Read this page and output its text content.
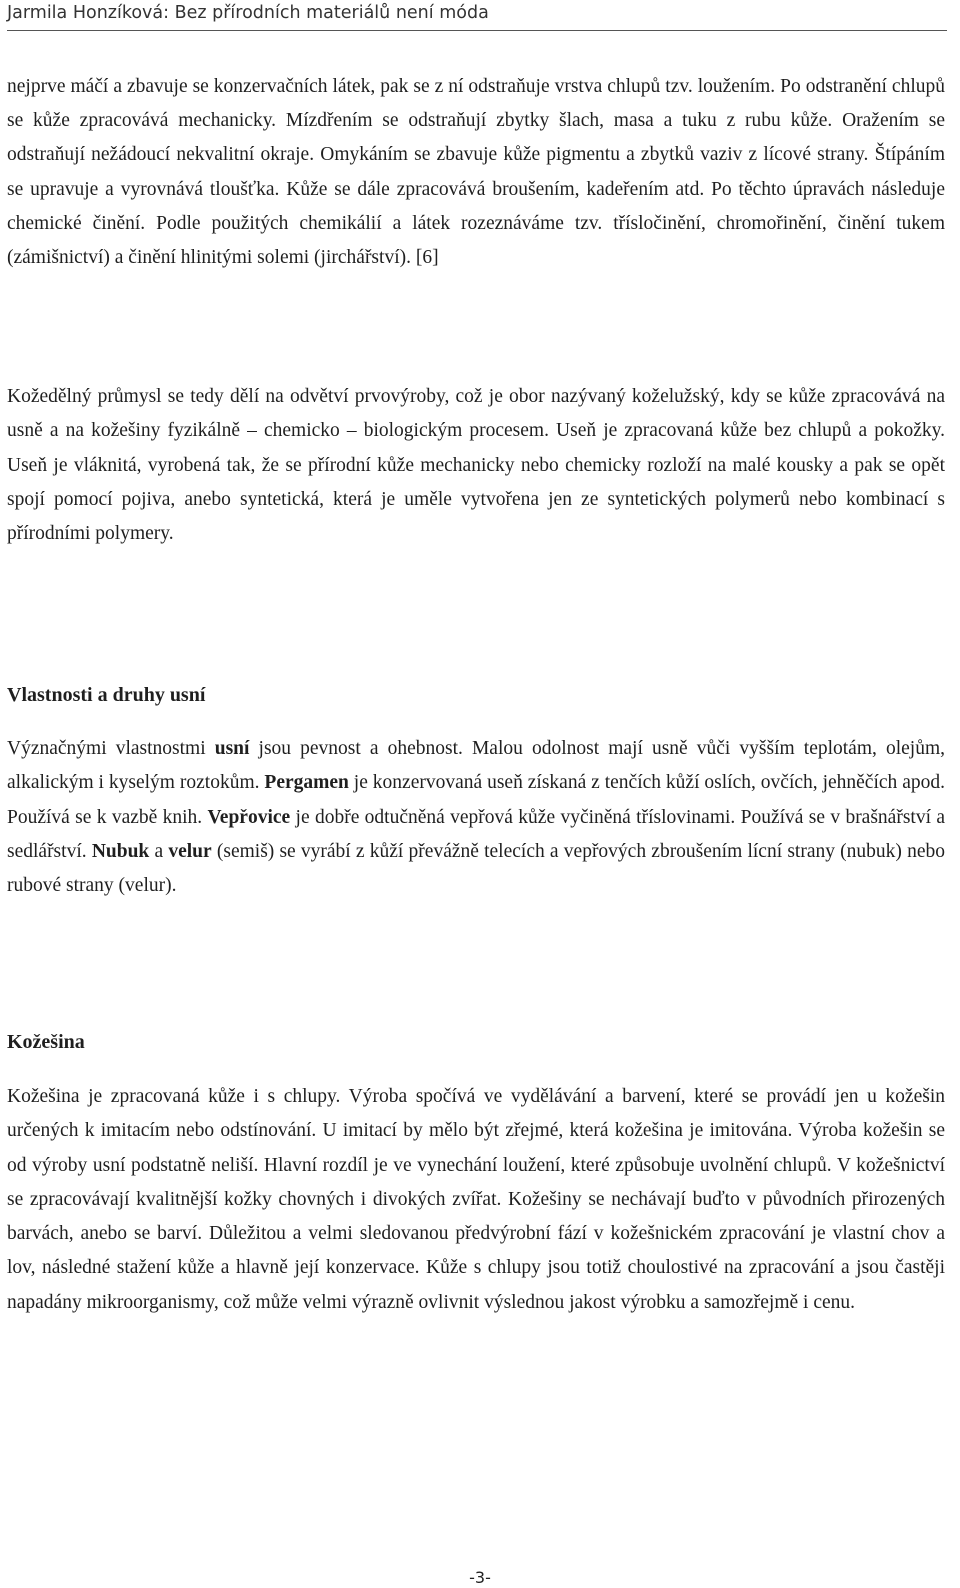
Jarmila Honzíková: Bez přírodních materiálů není móda
nejprve máčí a zbavuje se konzervačních látek, pak se z ní odstraňuje vrstva chlupů tzv. loužením. Po odstranění chlupů se kůže zpracovává mechanicky. Mízdřením se odstraňují zbytky šlach, masa a tuku z rubu kůže. Oražením se odstraňují nežádoucí nekvalitní okraje. Omykáním se zbavuje kůže pigmentu a zbytků vaziv z lícové strany. Štípáním se upravuje a vyrovnává tloušťka. Kůže se dále zpracovává broušením, kadeřením atd. Po těchto úpravách následuje chemické činění. Podle použitých chemikálií a látek rozeznáváme tzv. třísločinění, chromořinění, činění tukem (zámišnictví) a činění hlinitými solemi (jirchářství). [6]
Kožedělný průmysl se tedy dělí na odvětví prvovýroby, což je obor nazývaný koželužský, kdy se kůže zpracovává na usně a na kožešiny fyzikálně – chemicko – biologickým procesem. Useň je zpracovaná kůže bez chlupů a pokožky. Useň je vláknitá, vyrobená tak, že se přírodní kůže mechanicky nebo chemicky rozloží na malé kousky a pak se opět spojí pomocí pojiva, anebo syntetická, která je uměle vytvořena jen ze syntetických polymerů nebo kombinací s přírodními polymery.
Vlastnosti a druhy usní
Význačnými vlastnostmi usní jsou pevnost a ohebnost. Malou odolnost mají usně vůči vyšším teplotám, olejům, alkalickým i kyselým roztokům. Pergamen je konzervovaná useň získaná z tenčích kůží oslích, ovčích, jehněčích apod. Používá se k vazbě knih. Vepřovice je dobře odtučněná vepřová kůže vyčiněná tříslovinami. Používá se v brašnářství a sedlářství. Nubuk a velur (semiš) se vyrábí z kůží převážně telecích a vepřových zbroušením lícní strany (nubuk) nebo rubové strany (velur).
Kožešina
Kožešina je zpracovaná kůže i s chlupy. Výroba spočívá ve vydělávání a barvení, které se provádí jen u kožešin určených k imitacím nebo odstínování. U imitací by mělo být zřejmé, která kožešina je imitována. Výroba kožešin se od výroby usní podstatně neliší. Hlavní rozdíl je ve vynechání loužení, které způsobuje uvolnění chlupů. V kožešnictví se zpracovávají kvalitnější kožky chovných i divokých zvířat. Kožešiny se nechávají buďto v původních přirozených barvách, anebo se barví. Důležitou a velmi sledovanou předvýrobní fází v kožešnickém zpracování je vlastní chov a lov, následné stažení kůže a hlavně její konzervace. Kůže s chlupy jsou totiž choulostivé na zpracování a jsou častěji napadány mikroorganismy, což může velmi výrazně ovlivnit výslednou jakost výrobku a samozřejmě i cenu.
-3-
